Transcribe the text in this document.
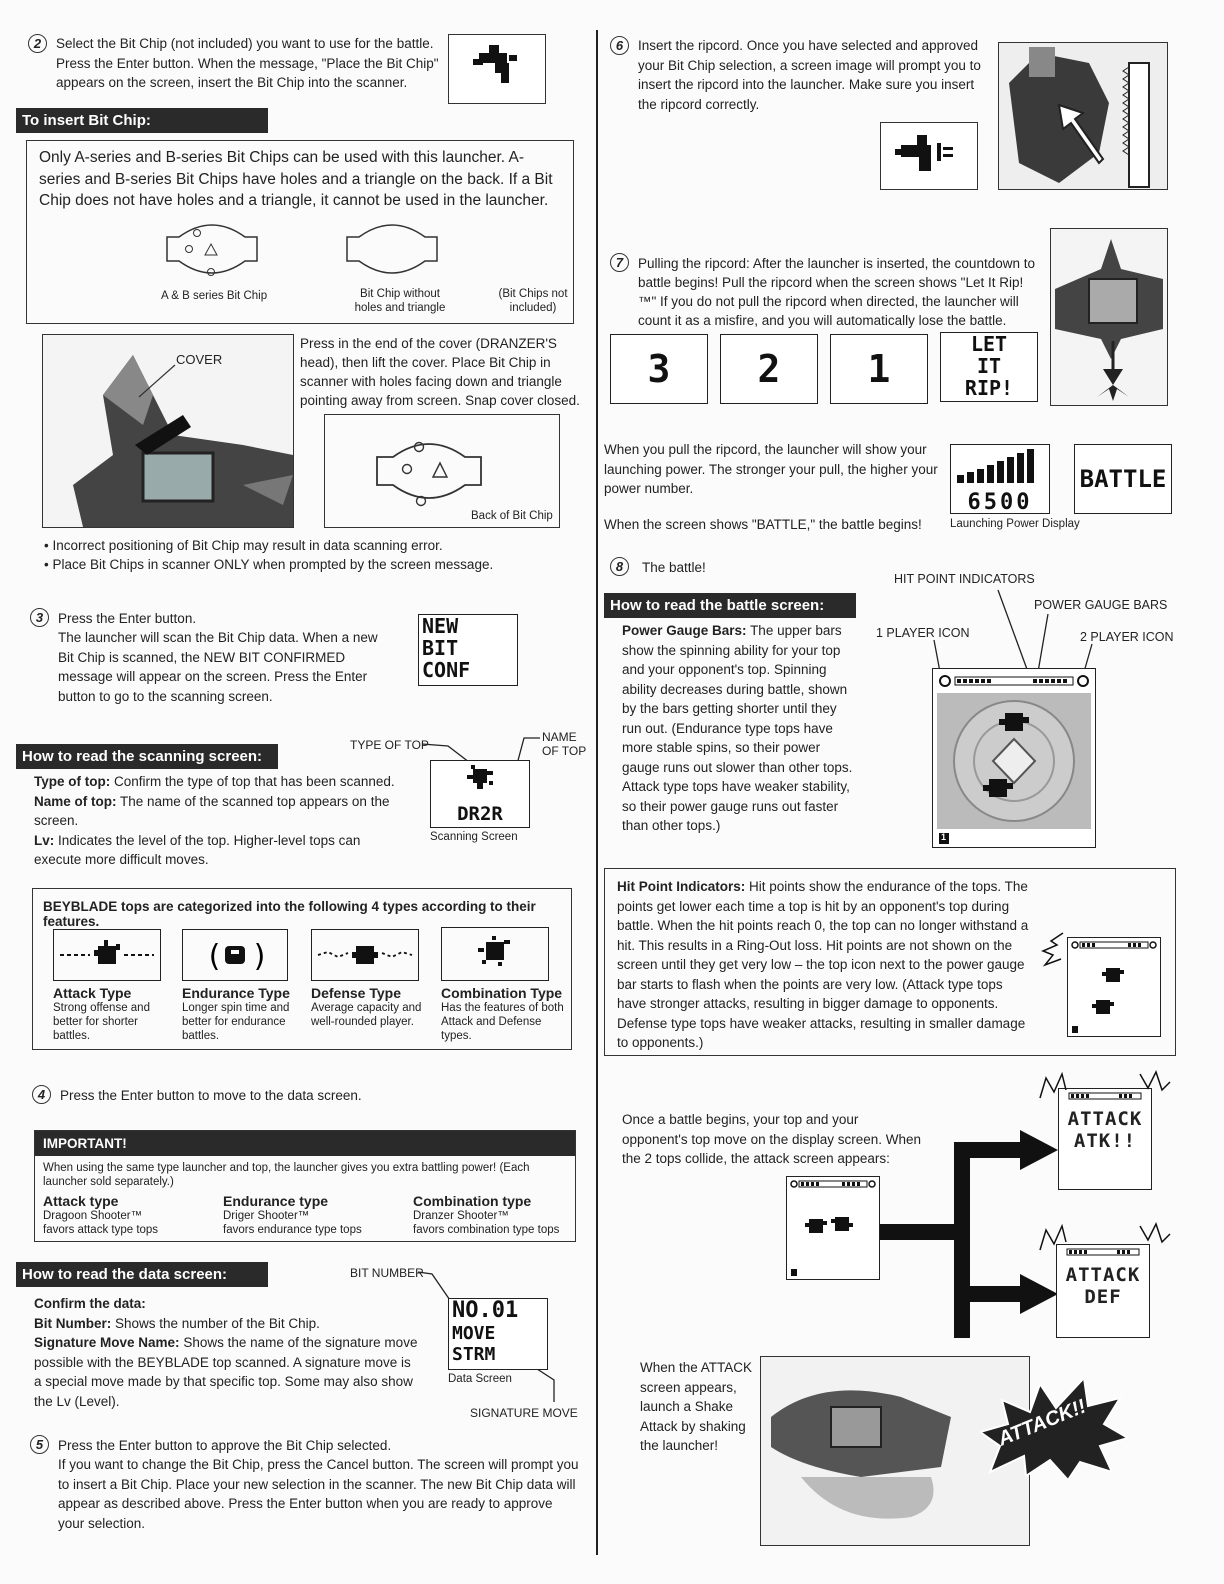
2	Select the Bit Chip (not included) you want to use for the battle. Press the Enter button. When the message, "Place the Bit Chip" appears on the screen, insert the Bit Chip into the scanner.
To insert Bit Chip:
Only A-series and B-series Bit Chips can be used with this launcher. A-series and B-series Bit Chips have holes and a triangle on the back. If a Bit Chip does not have holes and a triangle, it cannot be used in the launcher.
A & B series Bit Chip	Bit Chip without holes and triangle
(Bit Chips not included)
COVER
Press in the end of the cover (DRANZER'S head), then lift the cover. Place Bit Chip in scanner with holes facing down and triangle pointing away from screen. Snap cover closed.
Back of Bit Chip
• Incorrect positioning of Bit Chip may result in data scanning error.
• Place Bit Chips in scanner ONLY when prompted by the screen message.
3	Press the Enter button.
The launcher will scan the Bit Chip data. When a new Bit Chip is scanned, the NEW BIT CONFIRMED message will appear on the screen. Press the Enter button to go to the scanning screen.
NEW
BIT
CONF
How to read the scanning screen:
TYPE OF TOP
NAME OF TOP
DR2R
Scanning Screen
Type of top: Confirm the type of top that has been scanned.
Name of top: The name of the scanned top appears on the screen.
Lv: Indicates the level of the top. Higher-level tops can execute more difficult moves.
BEYBLADE tops are categorized into the following 4 types according to their features.
( )
Attack Type
Strong offense and better for shorter battles.
Endurance Type
Longer spin time and better for endurance battles.
Defense Type
Average capacity and well-rounded player.
Combination Type
Has the features of both Attack and Defense types.
4	Press the Enter button to move to the data screen.
IMPORTANT!
When using the same type launcher and top, the launcher gives you extra battling power! (Each launcher sold separately.)
Attack type
Dragoon Shooter™
favors attack type tops
Endurance type
Driger Shooter™
favors endurance type tops
Combination type
Dranzer Shooter™
favors combination type tops
How to read the data screen:	BIT NUMBER
NO.01
MOVE
STRM
Data Screen
SIGNATURE MOVE
Confirm the data:
Bit Number: Shows the number of the Bit Chip.
Signature Move Name: Shows the name of the signature move possible with the BEYBLADE top scanned. A signature move is a special move made by that specific top. Some may also show the Lv (Level).
5	Press the Enter button to approve the Bit Chip selected.
If you want to change the Bit Chip, press the Cancel button. The screen will prompt you to insert a Bit Chip. Place your new selection in the scanner. The new Bit Chip data will appear as described above. Press the Enter button when you are ready to approve your selection.
6	Insert the ripcord. Once you have selected and approved your Bit Chip selection, a screen image will prompt you to insert the ripcord into the launcher. Make sure you insert the ripcord correctly.
7	Pulling the ripcord: After the launcher is inserted, the countdown to battle begins! Pull the ripcord when the screen shows "Let It Rip!™" If you do not pull the ripcord when directed, the launcher will count it as a misfire, and you will automatically lose the battle.
3	2	1
LET
IT
RIP!
When you pull the ripcord, the launcher will show your launching power. The stronger your pull, the higher your power number.
6500
Launching Power Display
BATTLE
When the screen shows "BATTLE," the battle begins!
8	The battle!
How to read the battle screen:
HIT POINT INDICATORS
POWER GAUGE BARS
1 PLAYER ICON	2 PLAYER ICON
1
Power Gauge Bars: The upper bars show the spinning ability for your top and your opponent's top. Spinning ability decreases during battle, shown by the bars getting shorter until they run out. (Endurance type tops have more stable spins, so their power gauge runs out slower than other tops. Attack type tops have weaker stability, so their power gauge runs out faster than other tops.)
Hit Point Indicators: Hit points show the endurance of the tops. The points get lower each time a top is hit by an opponent's top during battle. When the hit points reach 0, the top can no longer withstand a hit. This results in a Ring-Out loss. Hit points are not shown on the screen until they get very low – the top icon next to the power gauge bar starts to flash when the points are very low. (Attack type tops have stronger attacks, resulting in bigger damage to opponents. Defense type tops have weaker attacks, resulting in smaller damage to opponents.)
Once a battle begins, your top and your opponent's top move on the display screen. When the 2 tops collide, the attack screen appears:
ATTACK
ATK!!
ATTACK
DEF
When the ATTACK screen appears, launch a Shake Attack by shaking the launcher!	ATTACK!!
